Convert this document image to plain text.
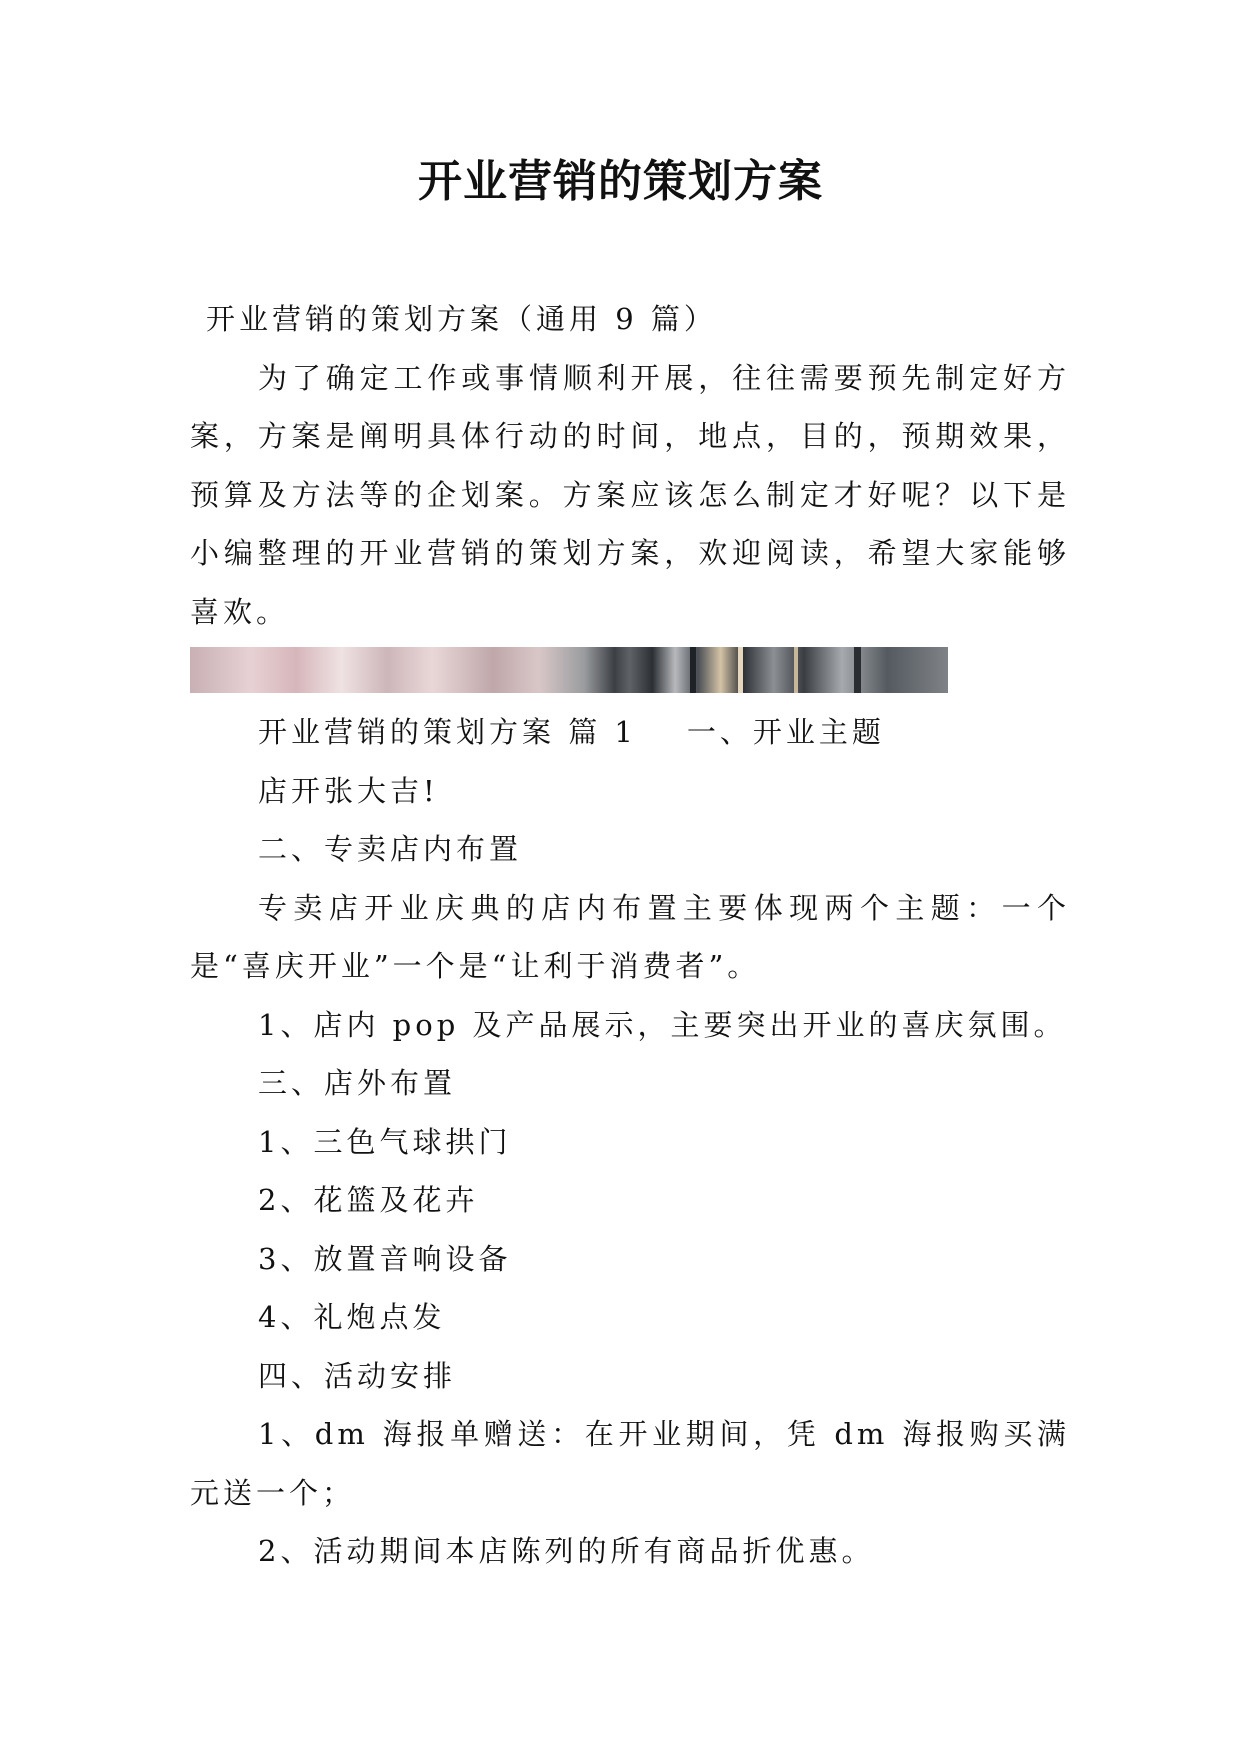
开业营销的策划方案

开业营销的策划方案（通用 9 篇）

为了确定工作或事情顺利开展，往往需要预先制定好方案，方案是阐明具体行动的时间，地点，目的，预期效果，预算及方法等的企划案。方案应该怎么制定才好呢？以下是小编整理的开业营销的策划方案，欢迎阅读，希望大家能够喜欢。

开业营销的策划方案 篇 1 一、开业主题

店开张大吉!

二、专卖店内布置

专卖店开业庆典的店内布置主要体现两个主题：一个是“喜庆开业”一个是“让利于消费者”。

1、店内 pop 及产品展示，主要突出开业的喜庆氛围。

三、店外布置

1、三色气球拱门

2、花篮及花卉

3、放置音响设备

4、礼炮点发

四、活动安排

1、dm 海报单赠送：在开业期间，凭 dm 海报购买满元送一个；

2、活动期间本店陈列的所有商品折优惠。
